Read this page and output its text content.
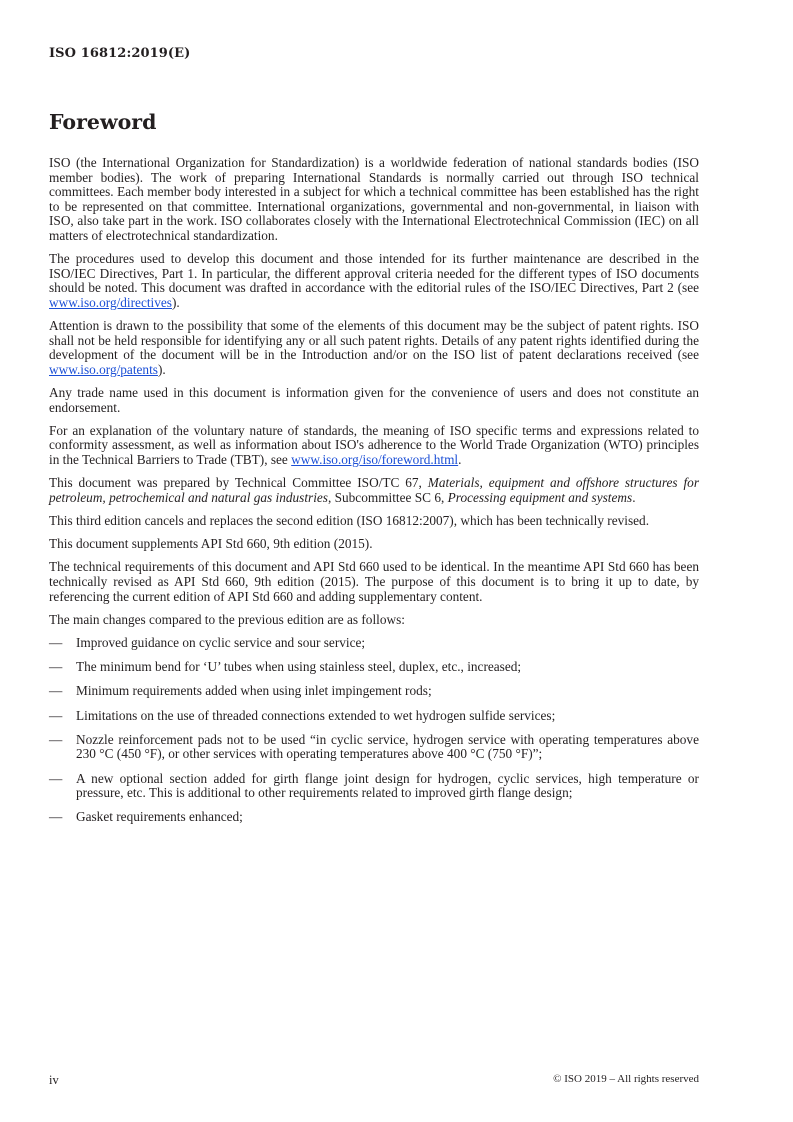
ISO 16812:2019(E)
Foreword

ISO (the International Organization for Standardization) is a worldwide federation of national standards bodies (ISO member bodies). The work of preparing International Standards is normally carried out through ISO technical committees. Each member body interested in a subject for which a technical committee has been established has the right to be represented on that committee. International organizations, governmental and non-governmental, in liaison with ISO, also take part in the work. ISO collaborates closely with the International Electrotechnical Commission (IEC) on all matters of electrotechnical standardization.

The procedures used to develop this document and those intended for its further maintenance are described in the ISO/IEC Directives, Part 1. In particular, the different approval criteria needed for the different types of ISO documents should be noted. This document was drafted in accordance with the editorial rules of the ISO/IEC Directives, Part 2 (see www.iso.org/directives).

Attention is drawn to the possibility that some of the elements of this document may be the subject of patent rights. ISO shall not be held responsible for identifying any or all such patent rights. Details of any patent rights identified during the development of the document will be in the Introduction and/or on the ISO list of patent declarations received (see www.iso.org/patents).

Any trade name used in this document is information given for the convenience of users and does not constitute an endorsement.

For an explanation of the voluntary nature of standards, the meaning of ISO specific terms and expressions related to conformity assessment, as well as information about ISO's adherence to the World Trade Organization (WTO) principles in the Technical Barriers to Trade (TBT), see www.iso.org/iso/foreword.html.

This document was prepared by Technical Committee ISO/TC 67, Materials, equipment and offshore structures for petroleum, petrochemical and natural gas industries, Subcommittee SC 6, Processing equipment and systems.

This third edition cancels and replaces the second edition (ISO 16812:2007), which has been technically revised.

This document supplements API Std 660, 9th edition (2015).

The technical requirements of this document and API Std 660 used to be identical. In the meantime API Std 660 has been technically revised as API Std 660, 9th edition (2015). The purpose of this document is to bring it up to date, by referencing the current edition of API Std 660 and adding supplementary content.

The main changes compared to the previous edition are as follows:

— Improved guidance on cyclic service and sour service;
— The minimum bend for ‘U’ tubes when using stainless steel, duplex, etc., increased;
— Minimum requirements added when using inlet impingement rods;
— Limitations on the use of threaded connections extended to wet hydrogen sulfide services;
— Nozzle reinforcement pads not to be used “in cyclic service, hydrogen service with operating temperatures above 230 °C (450 °F), or other services with operating temperatures above 400 °C (750 °F)”;
— A new optional section added for girth flange joint design for hydrogen, cyclic services, high temperature or pressure, etc. This is additional to other requirements related to improved girth flange design;
— Gasket requirements enhanced;
iv	© ISO 2019 – All rights reserved
